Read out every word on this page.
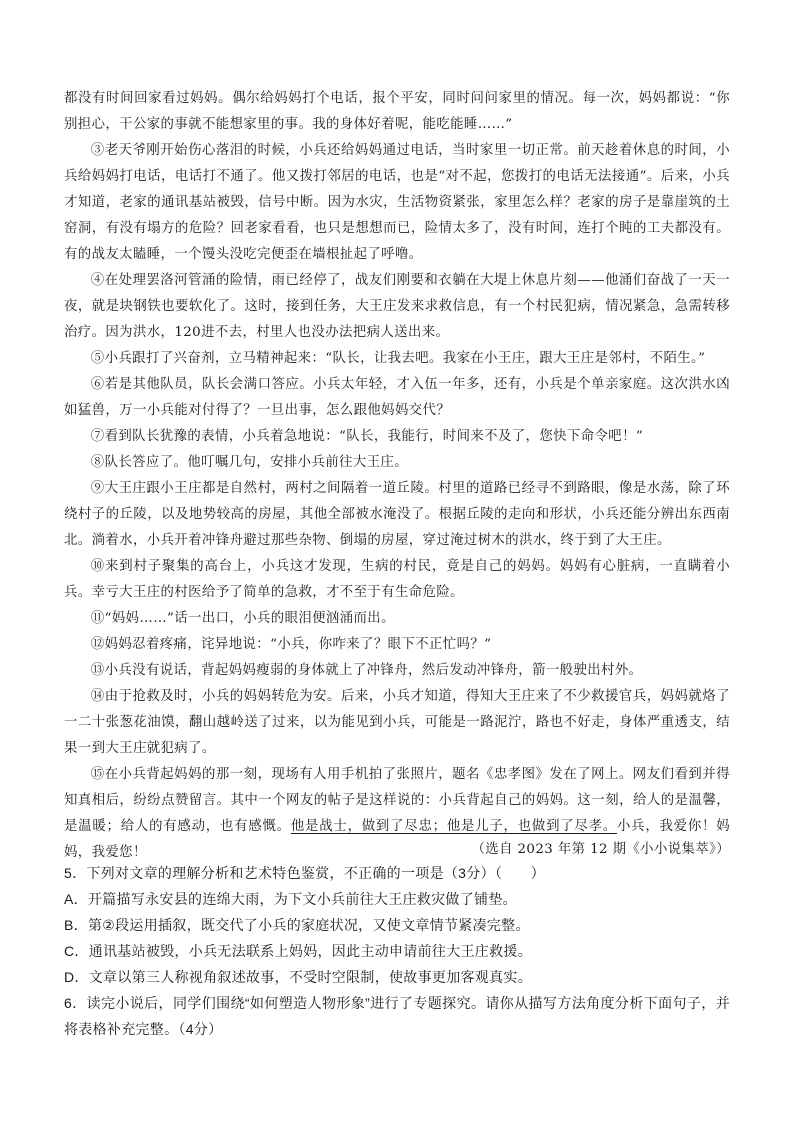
都没有时间回家看过妈妈。偶尔给妈妈打个电话，报个平安，同时问问家里的情况。每一次，妈妈都说：“你别担心，干公家的事就不能想家里的事。我的身体好着呢，能吃能睡……”

③老天爷刚开始伤心落泪的时候，小兵还给妈妈通过电话，当时家里一切正常。前天趁着休息的时间，小兵给妈妈打电话，电话打不通了。他又拨打邻居的电话，也是“对不起，您拨打的电话无法接通”。后来，小兵才知道，老家的通讯基站被毁，信号中断。因为水灾，生活物资紧张，家里怎么样？老家的房子是靠崖筑的土窑洞，有没有塌方的危险？回老家看看，也只是想想而已，险情太多了，没有时间，连打个盹的工夫都没有。有的战友太瞌睡，一个馒头没吃完便歪在墙根扯起了呼噜。

④在处理罢洛河管涌的险情，雨已经停了，战友们刚要和衣躺在大堤上休息片刻——他涌们奋战了一天一夜，就是块钢铁也要软化了。这时，接到任务，大王庄发来求救信息，有一个村民犯病，情况紧急，急需转移治疗。因为洪水，120进不去，村里人也没办法把病人送出来。

⑤小兵跟打了兴奋剂，立马精神起来：“队长，让我去吧。我家在小王庄，跟大王庄是邻村，不陌生。”

⑥若是其他队员，队长会满口答应。小兵太年轻，才入伍一年多，还有，小兵是个单亲家庭。这次洪水凶如猛兽，万一小兵能对付得了？一旦出事，怎么跟他妈妈交代？

⑦看到队长犹豫的表情，小兵着急地说：“队长，我能行，时间来不及了，您快下命令吧！”

⑧队长答应了。他叮嘱几句，安排小兵前往大王庄。

⑨大王庄跟小王庄都是自然村，两村之间隔着一道丘陵。村里的道路已经寻不到路眼，像是水荡，除了环绕村子的丘陵，以及地势较高的房屋，其他全部被水淹没了。根据丘陵的走向和形状，小兵还能分辨出东西南北。淌着水，小兵开着冲锋舟避过那些杂物、倒塌的房屋，穿过淹过树木的洪水，终于到了大王庄。

⑩来到村子聚集的高台上，小兵这才发现，生病的村民，竟是自己的妈妈。妈妈有心脏病，一直瞒着小兵。幸亏大王庄的村医给予了简单的急救，才不至于有生命危险。

⑪“妈妈……”话一出口，小兵的眼泪便汹涌而出。

⑫妈妈忍着疼痛，诧异地说：“小兵，你咋来了？眼下不正忙吗？”

⑬小兵没有说话，背起妈妈瘦弱的身体就上了冲锋舟，然后发动冲锋舟，箭一般驶出村外。

⑭由于抢救及时，小兵的妈妈转危为安。后来，小兵才知道，得知大王庄来了不少救援官兵，妈妈就烙了一二十张葱花油馍，翻山越岭送了过来，以为能见到小兵，可能是一路泥泞，路也不好走，身体严重透支，结果一到大王庄就犯病了。

⑮在小兵背起妈妈的那一刻，现场有人用手机拍了张照片，题名《忠孝图》发在了网上。网友们看到并得知真相后，纷纷点赞留言。其中一个网友的帖子是这样说的：小兵背起自己的妈妈。这一刻，给人的是温馨，是温暖；给人的有感动，也有感慨。他是战士，做到了尽忠；他是儿子，也做到了尽孝。小兵，我爱你！妈妈，我爱您！	（选自 2023 年第 12 期《小小说集萃》）

5．下列对文章的理解分析和艺术特色鉴赏，不正确的一项是（3分）（　　）

A．开篇描写永安县的连绵大雨，为下文小兵前往大王庄救灾做了铺垫。

B．第②段运用插叙，既交代了小兵的家庭状况，又使文章情节紧凑完整。

C．通讯基站被毁，小兵无法联系上妈妈，因此主动申请前往大王庄救援。

D．文章以第三人称视角叙述故事，不受时空限制，使故事更加客观真实。

6．读完小说后，同学们围绕“如何塑造人物形象”进行了专题探究。请你从描写方法角度分析下面句子，并将表格补充完整。（4分）
